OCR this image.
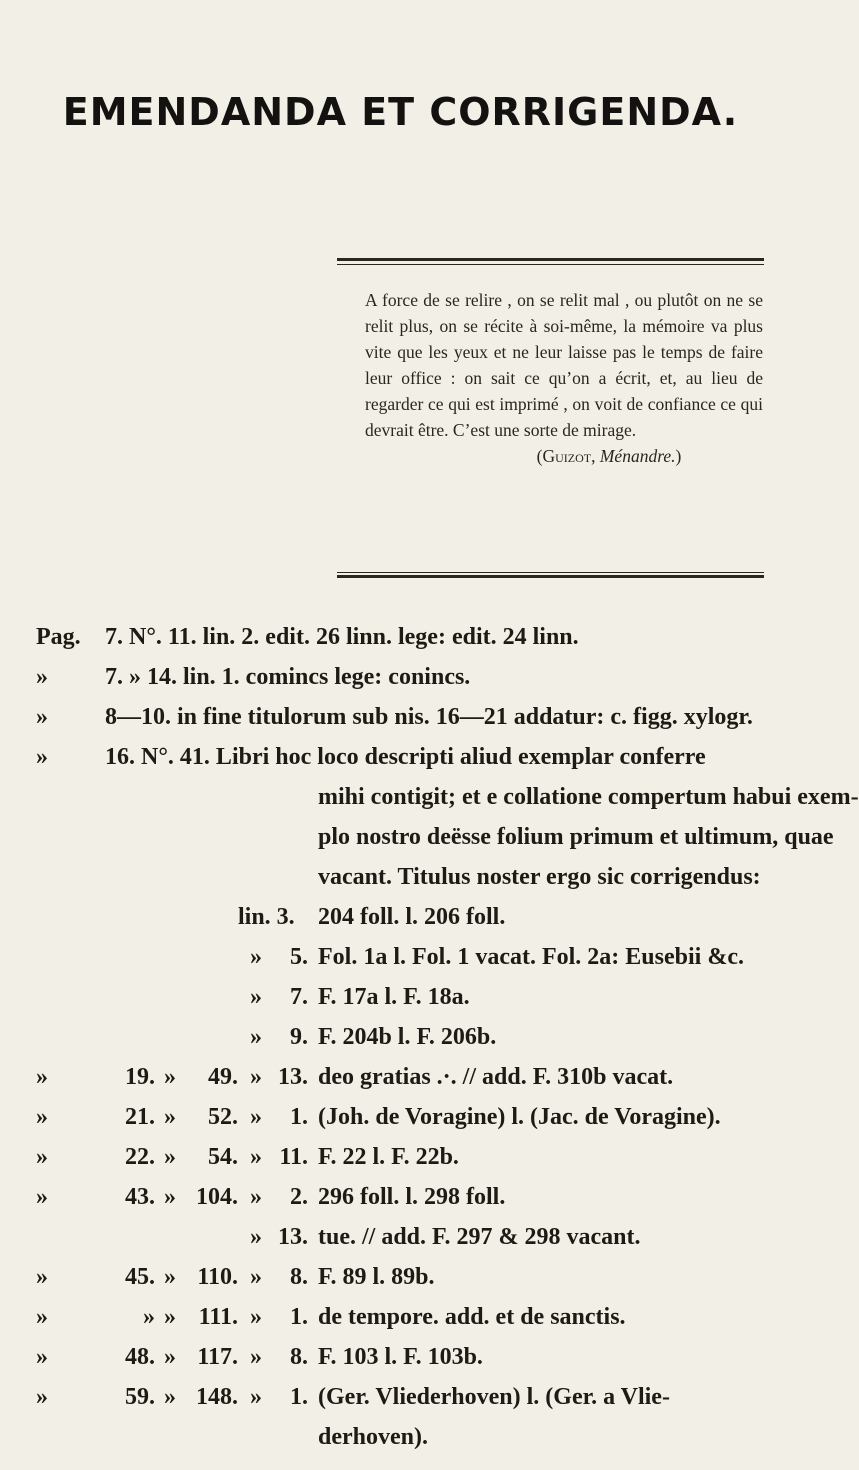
EMENDANDA ET CORRIGENDA.
A force de se relire , on se relit mal , ou plutôt on ne se relit plus, on se récite à soi-même, la mémoire va plus vite que les yeux et ne leur laisse pas le temps de faire leur office : on sait ce qu’on a écrit, et, au lieu de regarder ce qui est imprimé , on voit de confiance ce qui devrait être. C’est une sorte de mirage.
(Guizot, Ménandre.)
Pag.	7. N°. 11. lin. 2. edit. 26 linn. lege: edit. 24 linn.
»	7. » 14. lin. 1. comincs lege: conincs.
»	8—10. in fine titulorum sub nis. 16—21 addatur: c. figg. xylogr.
»	16. N°. 41. Libri hoc loco descripti aliud exemplar conferre
mihi contigit; et e collatione compertum habui exem-
plo nostro deësse folium primum et ultimum, quae
vacant. Titulus noster ergo sic corrigendus:
lin. 3. 204 foll. l. 206 foll.
»	5. Fol. 1a l. Fol. 1 vacat. Fol. 2a: Eusebii &c.
»	7. F. 17a l. F. 18a.
»	9. F. 204b l. F. 206b.
»	19. »	49. » 13. deo gratias .·. // add. F. 310b vacat.
»	21. »	52. »	1. (Joh. de Voragine) l. (Jac. de Voragine).
»	22. »	54. » 11. F. 22 l. F. 22b.
»	43. » 104. »	2. 296 foll. l. 298 foll.
» 13. tue. // add. F. 297 & 298 vacant.
»	45. » 110. »	8. F. 89 l. 89b.
»	» » 111. »	1. de tempore. add. et de sanctis.
»	48. » 117. »	8. F. 103 l. F. 103b.
»	59. » 148. »	1. (Ger. Vliederhoven) l. (Ger. a Vlie-
derhoven).
